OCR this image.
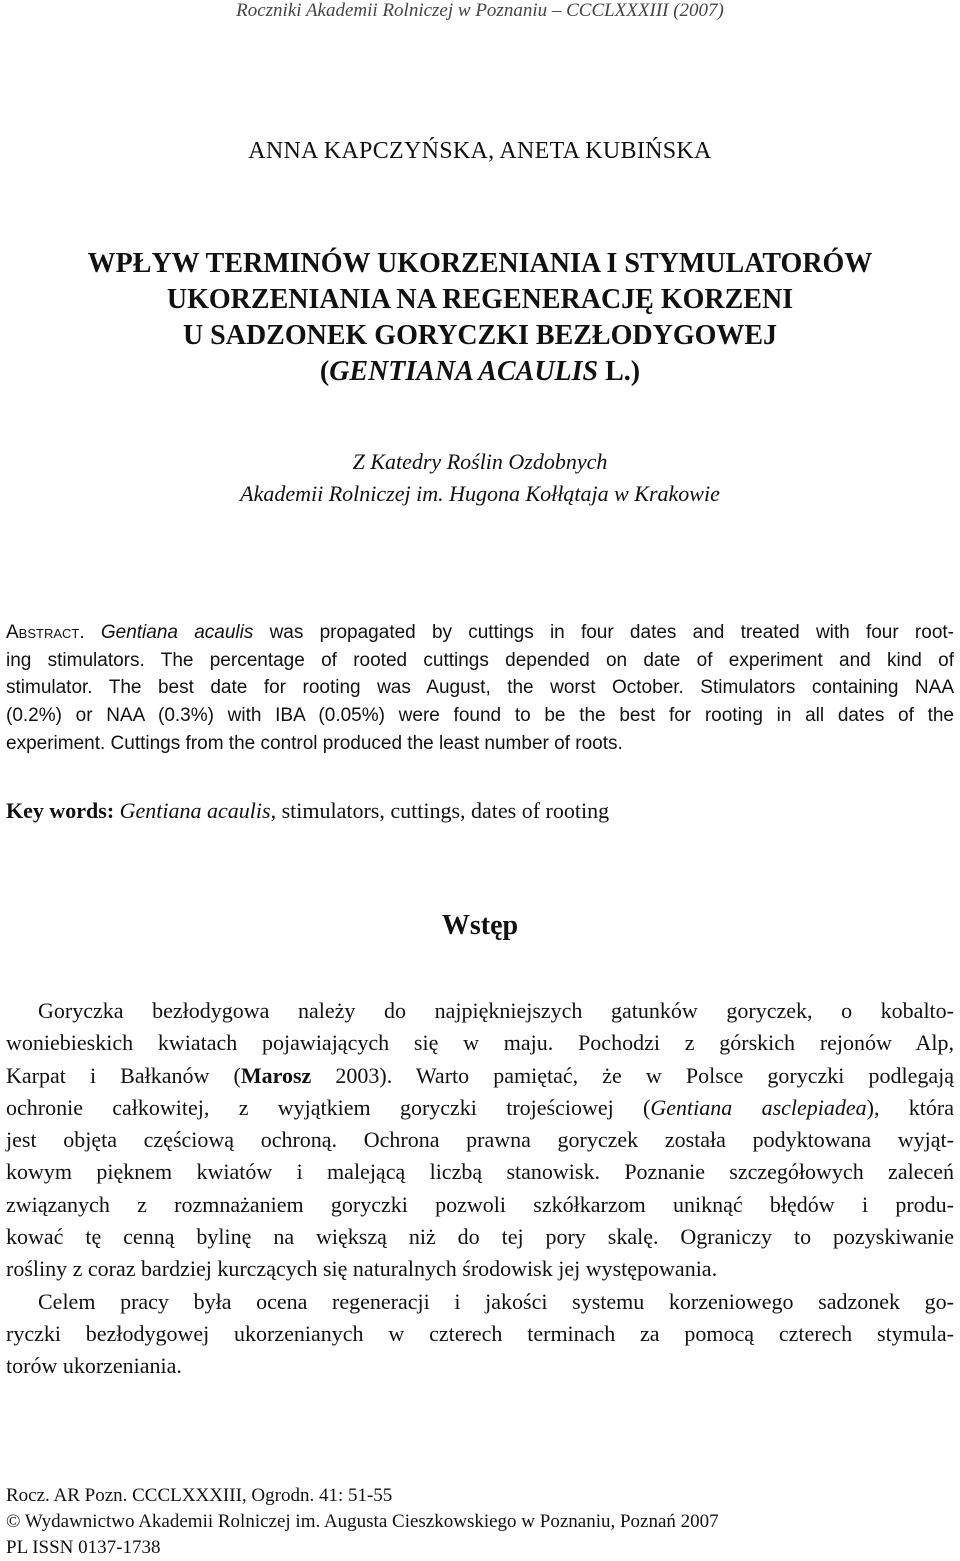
Roczniki Akademii Rolniczej w Poznaniu – CCCLXXXIII (2007)
ANNA KAPCZYŃSKA, ANETA KUBIŃSKA
WPŁYW TERMINÓW UKORZENIANIA I STYMULATORÓW
UKORZENIANIA NA REGENERACJĘ KORZENI
U SADZONEK GORYCZKI BEZŁODYGOWEJ
(GENTIANA ACAULIS L.)
Z Katedry Roślin Ozdobnych
Akademii Rolniczej im. Hugona Kołłątaja w Krakowie
Abstract. Gentiana acaulis was propagated by cuttings in four dates and treated with four root-
ing stimulators. The percentage of rooted cuttings depended on date of experiment and kind of
stimulator. The best date for rooting was August, the worst October. Stimulators containing NAA
(0.2%) or NAA (0.3%) with IBA (0.05%) were found to be the best for rooting in all dates of the
experiment. Cuttings from the control produced the least number of roots.
Key words: Gentiana acaulis, stimulators, cuttings, dates of rooting
Wstęp
Goryczka bezłodygowa należy do najpiękniejszych gatunków goryczek, o kobalto-
woniebieskich kwiatach pojawiających się w maju. Pochodzi z górskich rejonów Alp,
Karpat i Bałkanów (Marosz 2003). Warto pamiętać, że w Polsce goryczki podlegają
ochronie całkowitej, z wyjątkiem goryczki trojeściowej (Gentiana asclepiadea), która
jest objęta częściową ochroną. Ochrona prawna goryczek została podyktowana wyjąt-
kowym pięknem kwiatów i malejącą liczbą stanowisk. Poznanie szczegółowych zaleceń
związanych z rozmnażaniem goryczki pozwoli szkółkarzom uniknąć błędów i produ-
kować tę cenną bylinę na większą niż do tej pory skalę. Ograniczy to pozyskiwanie
rośliny z coraz bardziej kurczących się naturalnych środowisk jej występowania.
Celem pracy była ocena regeneracji i jakości systemu korzeniowego sadzonek go-
ryczki bezłodygowej ukorzenianych w czterech terminach za pomocą czterech stymula-
torów ukorzeniania.
Rocz. AR Pozn. CCCLXXXIII, Ogrodn. 41: 51-55
© Wydawnictwo Akademii Rolniczej im. Augusta Cieszkowskiego w Poznaniu, Poznań 2007
PL ISSN 0137-1738
